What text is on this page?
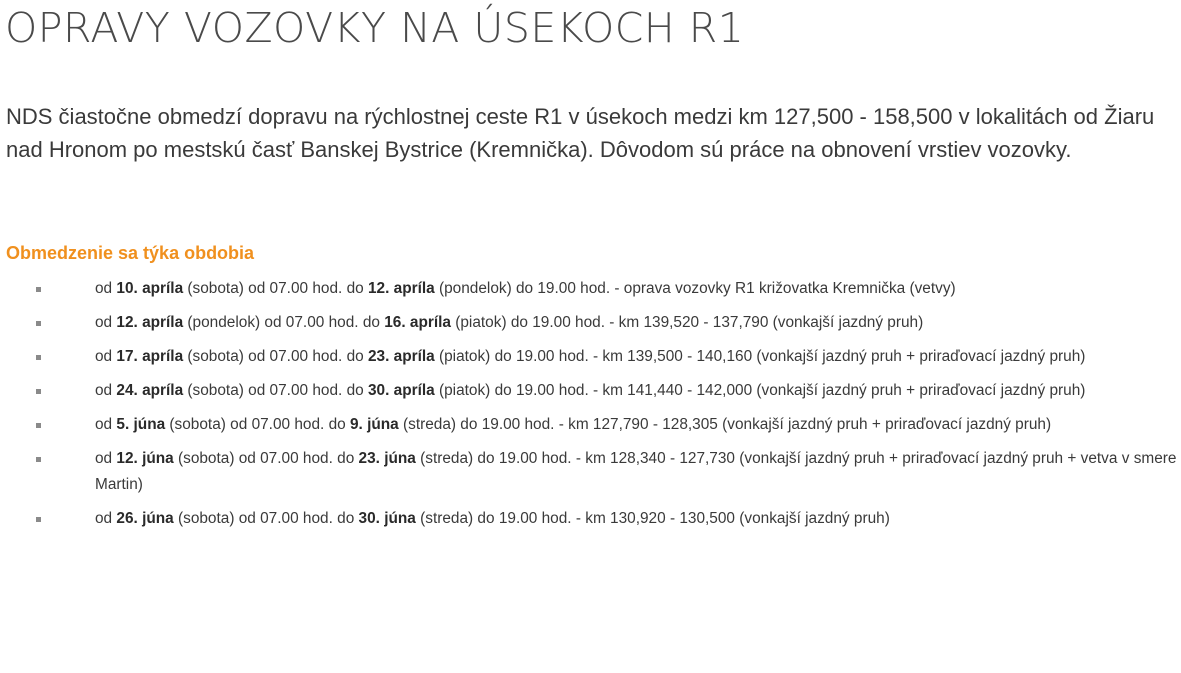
OPRAVY VOZOVKY NA ÚSEKOCH R1

NDS čiastočne obmedzí dopravu na rýchlostnej ceste R1 v úsekoch medzi km 127,500 - 158,500 v lokalitách od Žiaru nad Hronom po mestskú časť Banskej Bystrice (Kremnička). Dôvodom sú práce na obnovení vrstiev vozovky.

Obmedzenie sa týka obdobia
od 10. apríla (sobota) od 07.00 hod. do 12. apríla (pondelok) do 19.00 hod. - oprava vozovky R1 križovatka Kremnička (vetvy)
od 12. apríla (pondelok) od 07.00 hod. do 16. apríla (piatok) do 19.00 hod. - km 139,520 - 137,790 (vonkajší jazdný pruh)
od 17. apríla (sobota) od 07.00 hod. do 23. apríla (piatok) do 19.00 hod. - km 139,500 - 140,160 (vonkajší jazdný pruh + priraďovací jazdný pruh)
od 24. apríla (sobota) od 07.00 hod. do 30. apríla (piatok) do 19.00 hod. - km 141,440 - 142,000 (vonkajší jazdný pruh + priraďovací jazdný pruh)
od 5. júna (sobota) od 07.00 hod. do 9. júna (streda) do 19.00 hod. - km 127,790 - 128,305 (vonkajší jazdný pruh + priraďovací jazdný pruh)
od 12. júna (sobota) od 07.00 hod. do 23. júna (streda) do 19.00 hod. - km 128,340 - 127,730 (vonkajší jazdný pruh + priraďovací jazdný pruh + vetva v smere Martin)
od 26. júna (sobota) od 07.00 hod. do 30. júna (streda) do 19.00 hod. - km 130,920 - 130,500 (vonkajší jazdný pruh)
